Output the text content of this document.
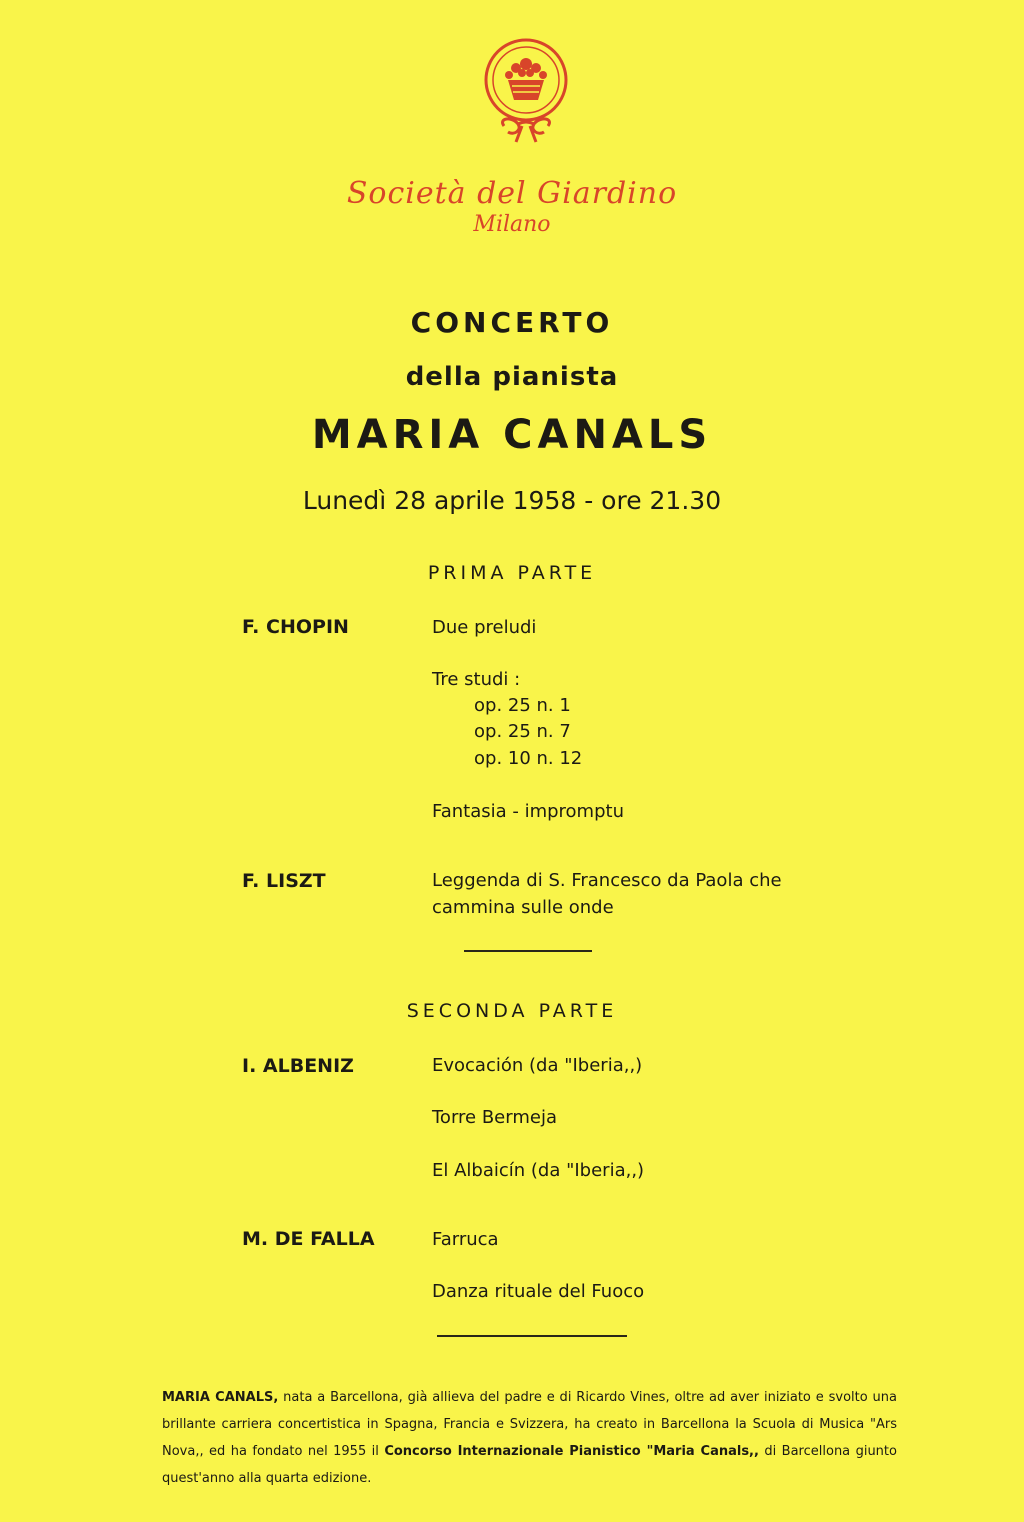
Società del Giardino
Milano
CONCERTO
della pianista
MARIA CANALS
Lunedì 28 aprile 1958 - ore 21.30
PRIMA PARTE
F. CHOPIN	Due preludi
Tre studi :
op. 25 n. 1
op. 25 n. 7
op. 10 n. 12
Fantasia - impromptu
F. LISZT	Leggenda di S. Francesco da Paola che
cammina sulle onde
SECONDA PARTE
I. ALBENIZ	Evocación (da "Iberia,,)
Torre Bermeja
El Albaicín (da "Iberia,,)
M. DE FALLA	Farruca
Danza rituale del Fuoco
MARIA CANALS, nata a Barcellona, già allieva del padre e di Ricardo Vines, oltre ad aver iniziato e svolto una brillante carriera concertistica in Spagna, Francia e Svizzera, ha creato in Barcellona la Scuola di Musica "Ars Nova,, ed ha fondato nel 1955 il Concorso Internazionale Pianistico "Maria Canals,, di Barcellona giunto quest'anno alla quarta edizione.
